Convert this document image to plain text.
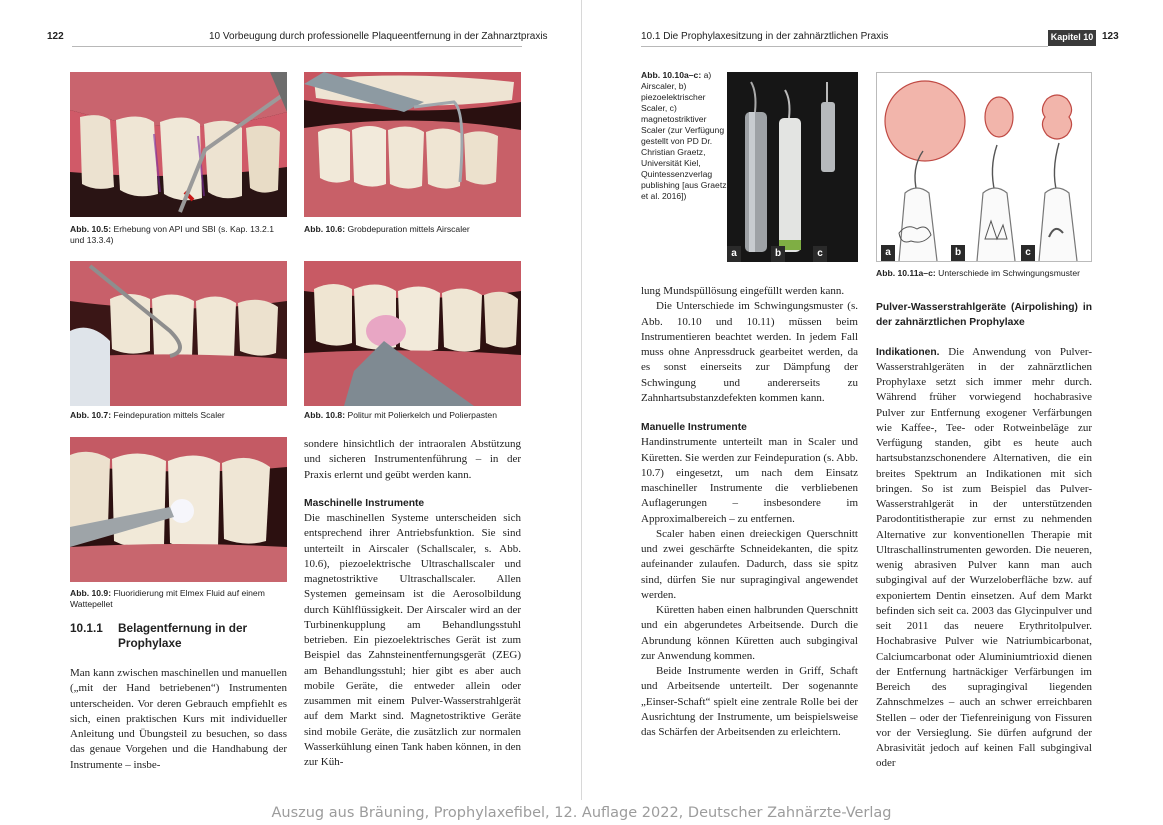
122	10 Vorbeugung durch professionelle Plaqueentfernung in der Zahnarztpraxis
Abb. 10.5: Erhebung von API und SBI (s. Kap. 13.2.1 und 13.3.4)
Abb. 10.6: Grobdepuration mittels Airscaler
Abb. 10.7: Feindepuration mittels Scaler	Abb. 10.8: Politur mit Polierkelch und Polierpasten
Abb. 10.9: Fluoridierung mit Elmex Fluid auf einem Wattepellet
10.1.1	Belagentfernung in der Prophylaxe

Man kann zwischen maschinellen und manuellen („mit der Hand betriebenen“) Instrumenten unterscheiden. Vor deren Gebrauch empfiehlt es sich, einen praktischen Kurs mit individueller Anleitung und Übungsteil zu besuchen, so dass das genaue Vorgehen und die Handhabung der Instrumente – insbe-

sondere hinsichtlich der intraoralen Abstützung und sicheren Instrumentenführung – in der Praxis erlernt und geübt werden kann.

Maschinelle Instrumente

Die maschinellen Systeme unterscheiden sich entsprechend ihrer Antriebsfunktion. Sie sind unterteilt in Airscaler (Schallscaler, s. Abb. 10.6), piezoelektrische Ultraschallscaler und magnetostriktive Ultraschallscaler. Allen Systemen gemeinsam ist die Aerosolbildung durch Kühlflüssigkeit. Der Airscaler wird an der Turbinenkupplung am Behandlungsstuhl betrieben. Ein piezoelektrisches Gerät ist zum Beispiel das Zahnsteinentfernungsgerät (ZEG) am Behandlungsstuhl; hier gibt es aber auch mobile Geräte, die entweder allein oder zusammen mit einem Pulver-Wasserstrahlgerät auf dem Markt sind. Magnetostriktive Geräte sind mobile Geräte, die zusätzlich zur normalen Wasserkühlung einen Tank haben können, in den zur Küh-

10.1 Die Prophylaxesitzung in der zahnärztlichen Praxis	Kapitel 10 123
Abb. 10.10a–c: a) Airscaler, b) piezoelektrischer Scaler, c) magnetostriktiver Scaler (zur Verfügung gestellt von PD Dr. Christian Graetz, Universität Kiel, Quintessenzverlag publishing [aus Graetz et al. 2016])
a	b	c	a	b	c
Abb. 10.11a–c: Unterschiede im Schwingungsmuster

lung Mundspüllösung eingefüllt werden kann.

Die Unterschiede im Schwingungsmuster (s. Abb. 10.10 und 10.11) müssen beim Instrumentieren beachtet werden. In jedem Fall muss ohne Anpressdruck gearbeitet werden, da es sonst einerseits zur Dämpfung der Schwingung und andererseits zu Zahnhartsubstanzdefekten kommen kann.

Manuelle Instrumente

Handinstrumente unterteilt man in Scaler und Küretten. Sie werden zur Feindepuration (s. Abb. 10.7) eingesetzt, um nach dem Einsatz maschineller Instrumente die verbliebenen Auflagerungen – insbesondere im Approximalbereich – zu entfernen.

Scaler haben einen dreieckigen Querschnitt und zwei geschärfte Schneidekanten, die spitz aufeinander zulaufen. Dadurch, dass sie spitz sind, dürfen Sie nur supragingival angewendet werden.

Küretten haben einen halbrunden Querschnitt und ein abgerundetes Arbeitsende. Durch die Abrundung können Küretten auch subgingival zur Anwendung kommen.

Beide Instrumente werden in Griff, Schaft und Arbeitsende unterteilt. Der sogenannte „Einser-Schaft“ spielt eine zentrale Rolle bei der Ausrichtung der Instrumente, um beispielsweise das Schärfen der Arbeitsenden zu erleichtern.

Pulver-Wasserstrahlgeräte (Airpolishing) in der zahnärztlichen Prophylaxe

Indikationen. Die Anwendung von Pulver-Wasserstrahlgeräten in der zahnärztlichen Prophylaxe setzt sich immer mehr durch. Während früher vorwiegend hochabrasive Pulver zur Entfernung exogener Verfärbungen wie Kaffee-, Tee- oder Rotweinbeläge zur Verfügung standen, gibt es heute auch hartsubstanzschonendere Alternativen, die ein breites Spektrum an Indikationen mit sich bringen. So ist zum Beispiel das Pulver-Wasserstrahlgerät in der unterstützenden Parodontitistherapie zur ernst zu nehmenden Alternative zur konventionellen Therapie mit Ultraschallinstrumenten geworden. Die neueren, wenig abrasiven Pulver kann man auch subgingival auf der Wurzeloberfläche bzw. auf exponiertem Dentin einsetzen. Auf dem Markt befinden sich seit ca. 2003 das Glycinpulver und seit 2011 das neuere Erythritolpulver. Hochabrasive Pulver wie Natriumbicarbonat, Calciumcarbonat oder Aluminiumtrioxid dienen der Entfernung hartnäckiger Verfärbungen im Bereich des supragingival liegenden Zahnschmelzes – auch an schwer erreichbaren Stellen – oder der Tiefenreinigung von Fissuren vor der Versieglung. Sie dürfen aufgrund der Abrasivität jedoch auf keinen Fall subgingival oder

Auszug aus Bräuning, Prophylaxefibel, 12. Auflage 2022, Deutscher Zahnärzte-Verlag
